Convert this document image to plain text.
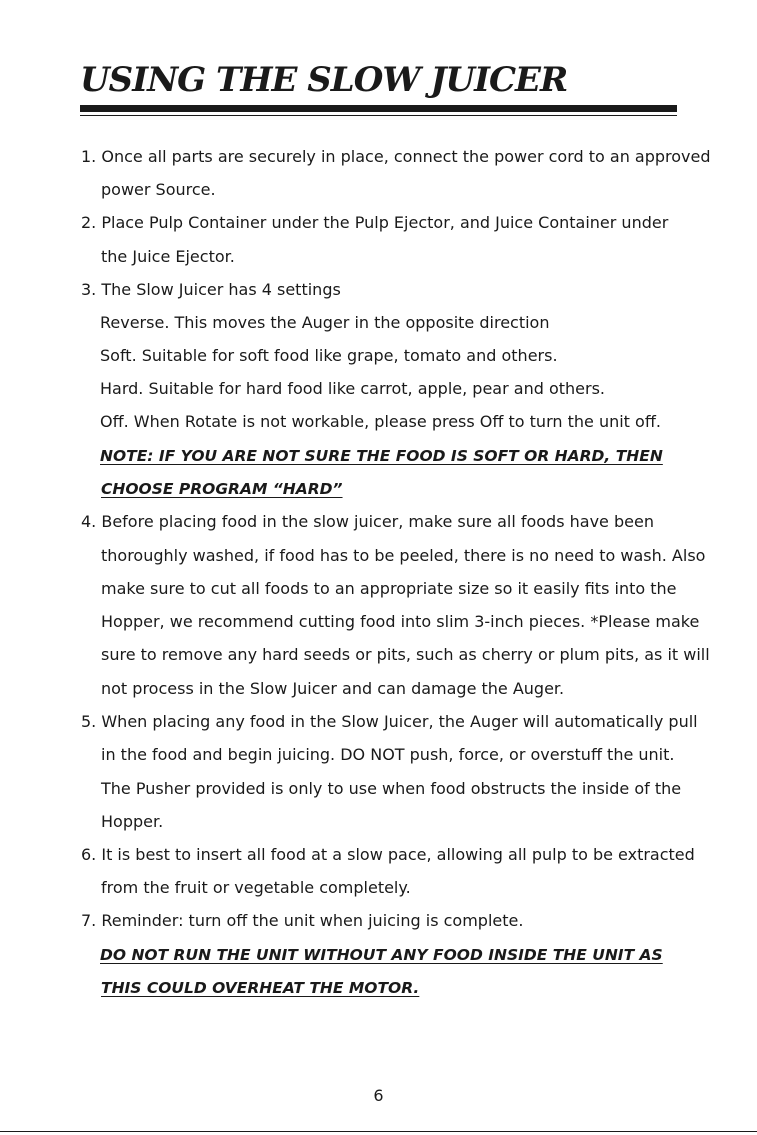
USING THE SLOW JUICER
1. Once all parts are securely in place, connect the power cord to an approved
power Source.
2. Place Pulp Container under the Pulp Ejector, and Juice Container under
the Juice Ejector.
3. The Slow Juicer has 4 settings
Reverse. This moves the Auger in the opposite direction
Soft. Suitable for soft food like grape, tomato and others.
Hard. Suitable for hard food like carrot, apple, pear and others.
Off. When Rotate is not workable, please press Off to turn the unit off.
NOTE: IF YOU ARE NOT SURE THE FOOD IS SOFT OR HARD, THEN
CHOOSE PROGRAM “HARD”
4. Before placing food in the slow juicer, make sure all foods have been
thoroughly washed, if food has to be peeled, there is no need to wash. Also
make sure to cut all foods to an appropriate size so it easily fits into the
Hopper, we recommend cutting food into slim 3-inch pieces. *Please make
sure to remove any hard seeds or pits, such as cherry or plum pits, as it will
not process in the Slow Juicer and can damage the Auger.
5. When placing any food in the Slow Juicer, the Auger will automatically pull
in the food and begin juicing. DO NOT push, force, or overstuff the unit.
The Pusher provided is only to use when food obstructs the inside of the
Hopper.
6. It is best to insert all food at a slow pace, allowing all pulp to be extracted
from the fruit or vegetable completely.
7. Reminder: turn off the unit when juicing is complete.
DO NOT RUN THE UNIT WITHOUT ANY FOOD INSIDE THE UNIT AS
THIS COULD OVERHEAT THE MOTOR.
6
